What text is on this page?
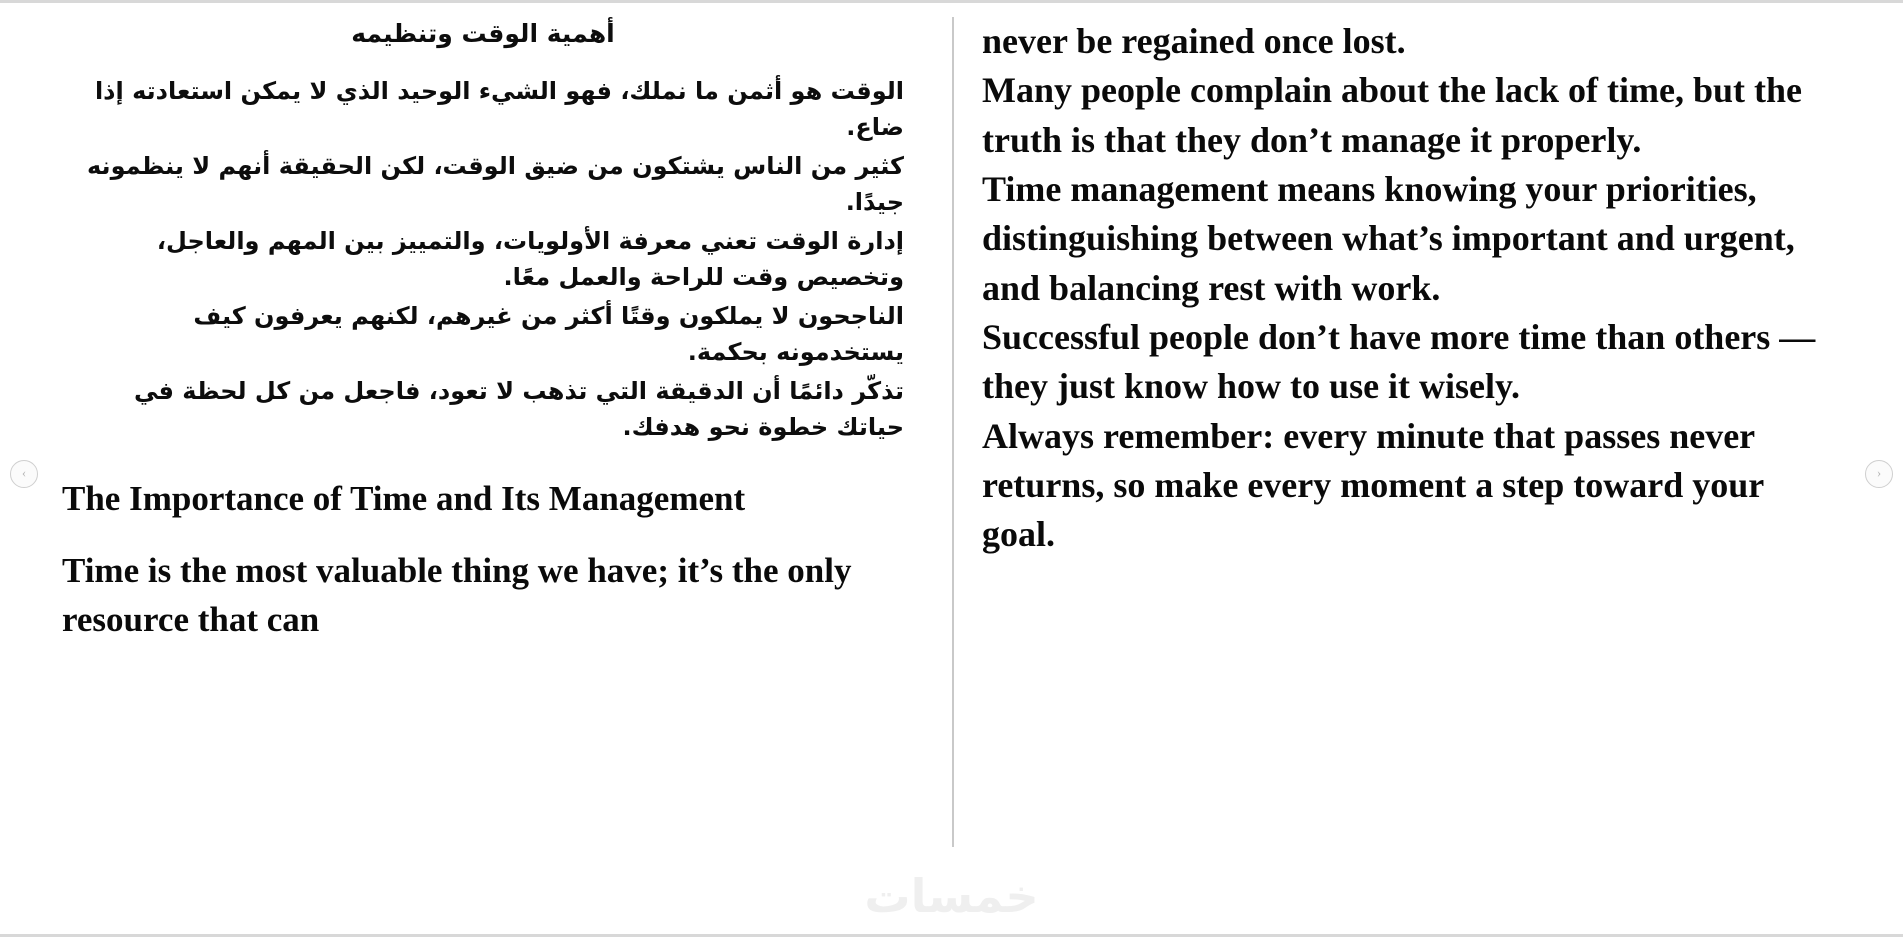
أهمية الوقت وتنظيمه

الوقت هو أثمن ما نملك، فهو الشيء الوحيد الذي لا يمكن استعادته إذا ضاع.

كثير من الناس يشتكون من ضيق الوقت، لكن الحقيقة أنهم لا ينظمونه جيدًا.

إدارة الوقت تعني معرفة الأولويات، والتمييز بين المهم والعاجل، وتخصيص وقت للراحة والعمل معًا.

الناجحون لا يملكون وقتًا أكثر من غيرهم، لكنهم يعرفون كيف يستخدمونه بحكمة.

تذكّر دائمًا أن الدقيقة التي تذهب لا تعود، فاجعل من كل لحظة في حياتك خطوة نحو هدفك.

The Importance of Time and Its Management

Time is the most valuable thing we have; it’s the only resource that can

never be regained once lost.

Many people complain about the lack of time, but the truth is that they don’t manage it properly.

Time management means knowing your priorities, distinguishing between what’s important and urgent, and balancing rest with work.

Successful people don’t have more time than others — they just know how to use it wisely.

Always remember: every minute that passes never returns, so make every moment a step toward your goal.

‹	›
خمسات
